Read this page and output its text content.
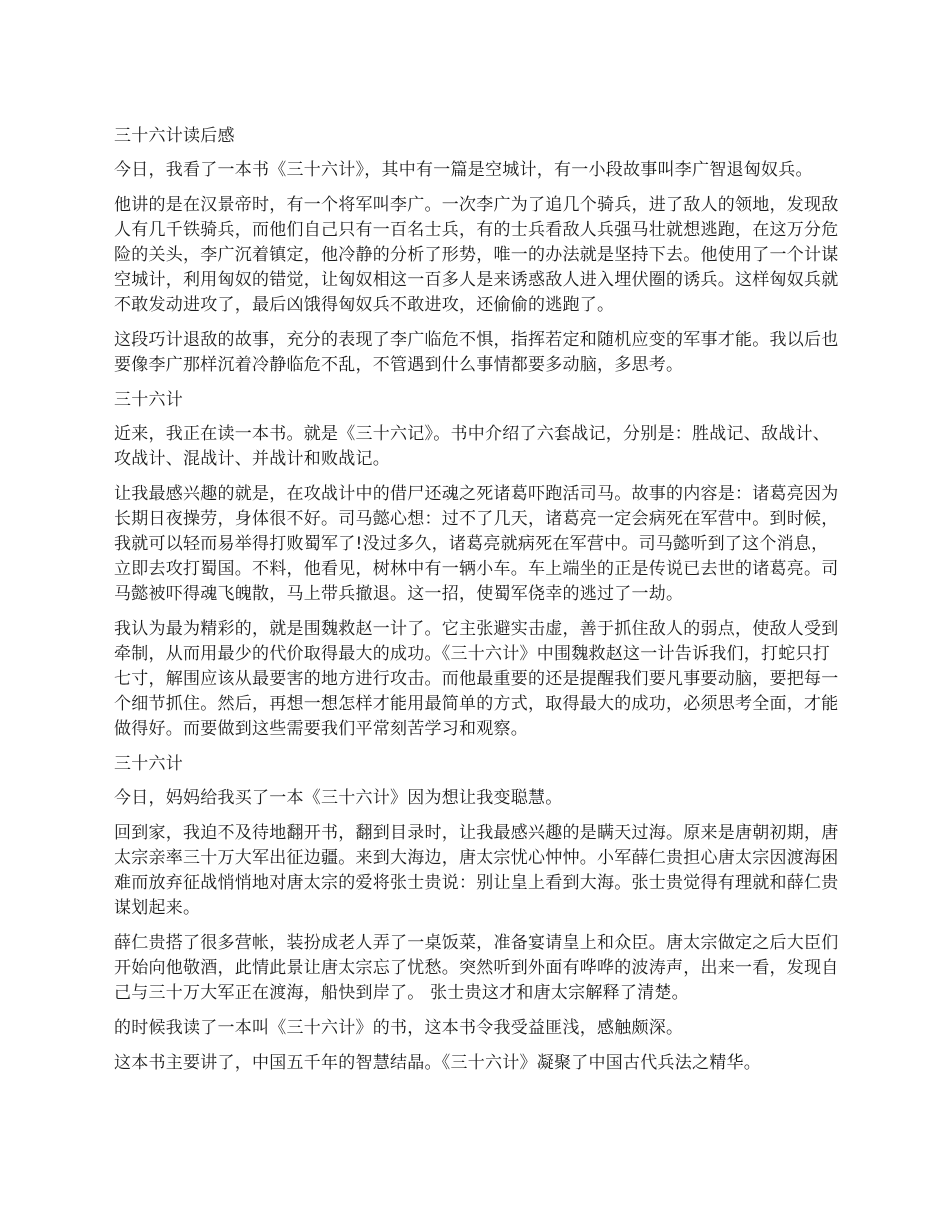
三十六计读后感

今日，我看了一本书《三十六计》，其中有一篇是空城计，有一小段故事叫李广智退匈奴兵。

他讲的是在汉景帝时，有一个将军叫李广。一次李广为了追几个骑兵，进了敌人的领地，发现敌人有几千铁骑兵，而他们自己只有一百名士兵，有的士兵看敌人兵强马壮就想逃跑，在这万分危险的关头，李广沉着镇定，他冷静的分析了形势，唯一的办法就是坚持下去。他使用了一个计谋空城计，利用匈奴的错觉，让匈奴相这一百多人是来诱惑敌人进入埋伏圈的诱兵。这样匈奴兵就不敢发动进攻了，最后凶饿得匈奴兵不敢进攻，还偷偷的逃跑了。

这段巧计退敌的故事，充分的表现了李广临危不惧，指挥若定和随机应变的军事才能。我以后也要像李广那样沉着冷静临危不乱，不管遇到什么事情都要多动脑，多思考。

三十六计

近来，我正在读一本书。就是《三十六记》。书中介绍了六套战记，分别是：胜战记、敌战计、攻战计、混战计、并战计和败战记。

让我最感兴趣的就是，在攻战计中的借尸还魂之死诸葛吓跑活司马。故事的内容是：诸葛亮因为长期日夜操劳，身体很不好。司马懿心想：过不了几天，诸葛亮一定会病死在军营中。到时候，我就可以轻而易举得打败蜀军了!没过多久，诸葛亮就病死在军营中。司马懿听到了这个消息，立即去攻打蜀国。不料，他看见，树林中有一辆小车。车上端坐的正是传说已去世的诸葛亮。司马懿被吓得魂飞魄散，马上带兵撤退。这一招，使蜀军侥幸的逃过了一劫。

我认为最为精彩的，就是围魏救赵一计了。它主张避实击虚，善于抓住敌人的弱点，使敌人受到牵制，从而用最少的代价取得最大的成功。《三十六计》中围魏救赵这一计告诉我们，打蛇只打七寸，解围应该从最要害的地方进行攻击。而他最重要的还是提醒我们要凡事要动脑，要把每一个细节抓住。然后，再想一想怎样才能用最简单的方式，取得最大的成功，必须思考全面，才能做得好。而要做到这些需要我们平常刻苦学习和观察。

三十六计

今日，妈妈给我买了一本《三十六计》因为想让我变聪慧。

回到家，我迫不及待地翻开书，翻到目录时，让我最感兴趣的是瞒天过海。原来是唐朝初期，唐太宗亲率三十万大军出征边疆。来到大海边，唐太宗忧心忡忡。小军薛仁贵担心唐太宗因渡海困难而放弃征战悄悄地对唐太宗的爱将张士贵说：别让皇上看到大海。张士贵觉得有理就和薛仁贵谋划起来。

薛仁贵搭了很多营帐，装扮成老人弄了一桌饭菜，准备宴请皇上和众臣。唐太宗做定之后大臣们开始向他敬酒，此情此景让唐太宗忘了忧愁。突然听到外面有哗哗的波涛声，出来一看，发现自己与三十万大军正在渡海，船快到岸了。 张士贵这才和唐太宗解释了清楚。

的时候我读了一本叫《三十六计》的书，这本书令我受益匪浅，感触颇深。

这本书主要讲了，中国五千年的智慧结晶。《三十六计》凝聚了中国古代兵法之精华。
